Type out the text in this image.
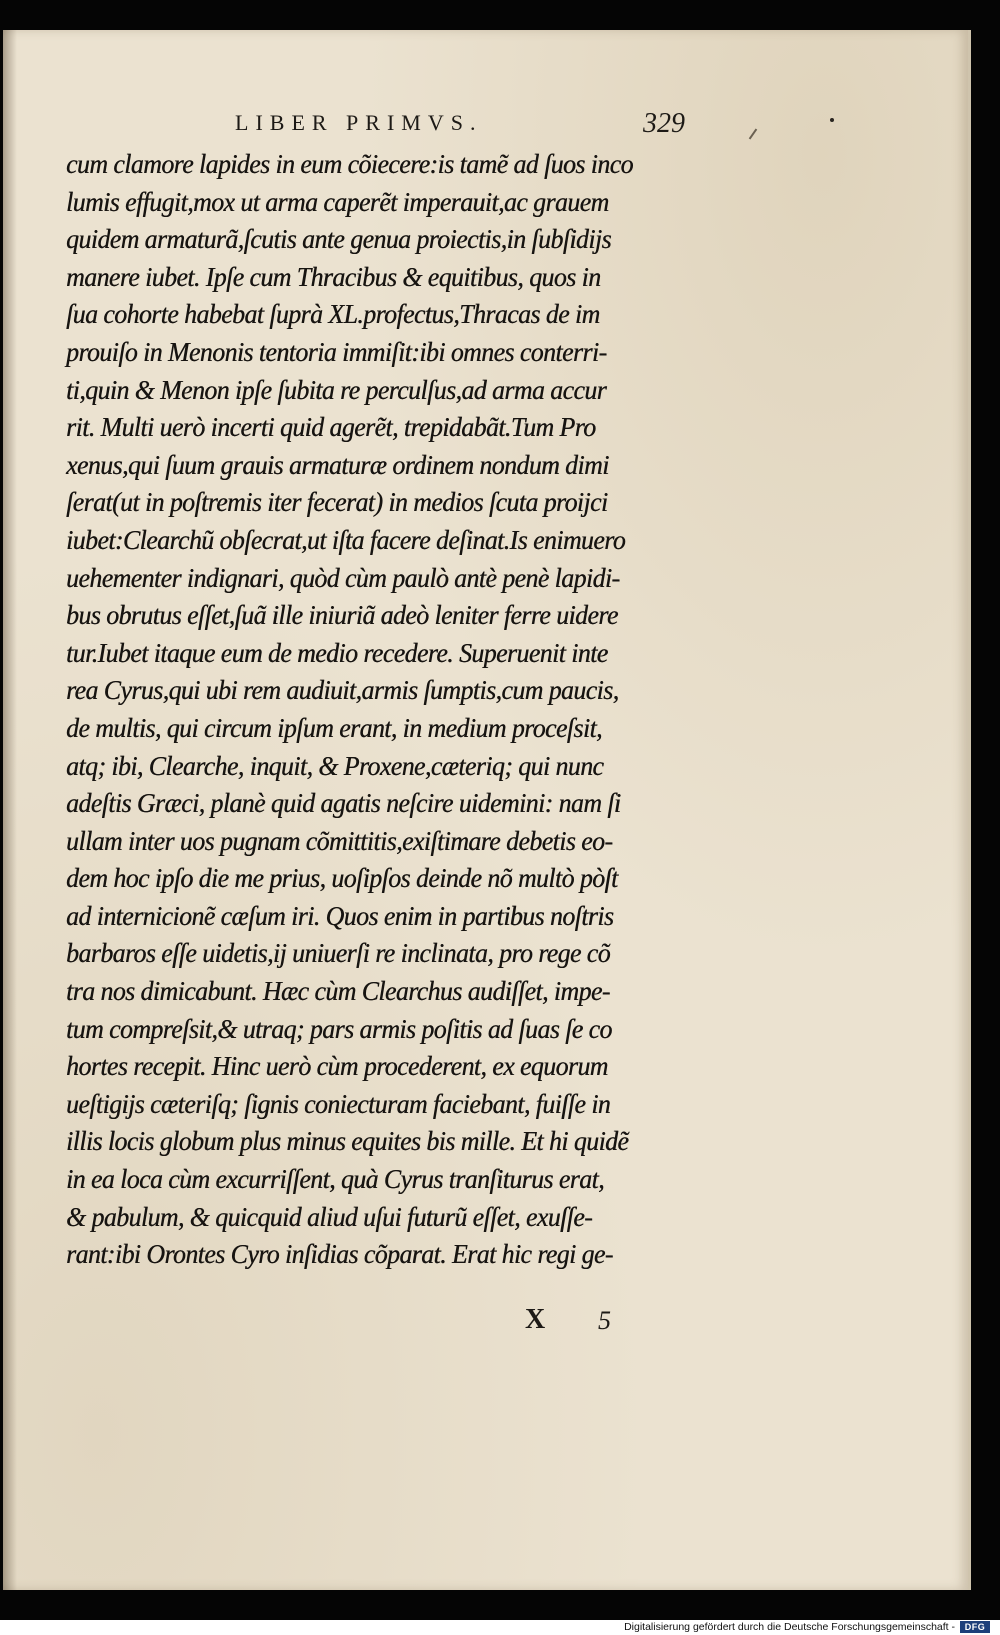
LIBER PRIMVS.	329
cum clamore lapides in eum cõiecere:is tamẽ ad ſuos inco
lumis effugit,mox ut arma caperẽt imperauit,ac grauem
quidem armaturã,ſcutis ante genua proiectis,in ſubſidijs
manere iubet. Ipſe cum Thracibus & equitibus, quos in
ſua cohorte habebat ſuprà XL.profectus,Thracas de im
prouiſo in Menonis tentoria immiſit:ibi omnes conterri-
ti,quin & Menon ipſe ſubita re perculſus,ad arma accur
rit. Multi uerò incerti quid agerẽt, trepidabãt.Tum Pro
xenus,qui ſuum grauis armaturæ ordinem nondum dimi
ſerat(ut in poſtremis iter fecerat) in medios ſcuta proijci
iubet:Clearchũ obſecrat,ut iſta facere deſinat.Is enimuero
uehementer indignari, quòd cùm paulò antè penè lapidi-
bus obrutus eſſet,ſuã ille iniuriã adeò leniter ferre uidere
tur.Iubet itaque eum de medio recedere. Superuenit inte
rea Cyrus,qui ubi rem audiuit,armis ſumptis,cum paucis,
de multis, qui circum ipſum erant, in medium proceſsit,
atq; ibi, Clearche, inquit, & Proxene,cæteriq; qui nunc
adeſtis Græci, planè quid agatis neſcire uidemini: nam ſi
ullam inter uos pugnam cõmittitis,exiſtimare debetis eo-
dem hoc ipſo die me prius, uoſipſos deinde nõ multò pòſt
ad internicionẽ cæſum iri. Quos enim in partibus noſtris
barbaros eſſe uidetis,ij uniuerſi re inclinata, pro rege cõ
tra nos dimicabunt. Hæc cùm Clearchus audiſſet, impe-
tum compreſsit,& utraq; pars armis poſitis ad ſuas ſe co
hortes recepit. Hinc uerò cùm procederent, ex equorum
ueſtigijs cæteriſq; ſignis coniecturam faciebant, fuiſſe in
illis locis globum plus minus equites bis mille. Et hi quidẽ
in ea loca cùm excurriſſent, quà Cyrus tranſiturus erat,
& pabulum, & quicquid aliud uſui futurũ eſſet, exuſſe-
rant:ibi Orontes Cyro inſidias cõparat. Erat hic regi ge-
X 5
Digitalisierung gefördert durch die Deutsche Forschungsgemeinschaft -	DFG
